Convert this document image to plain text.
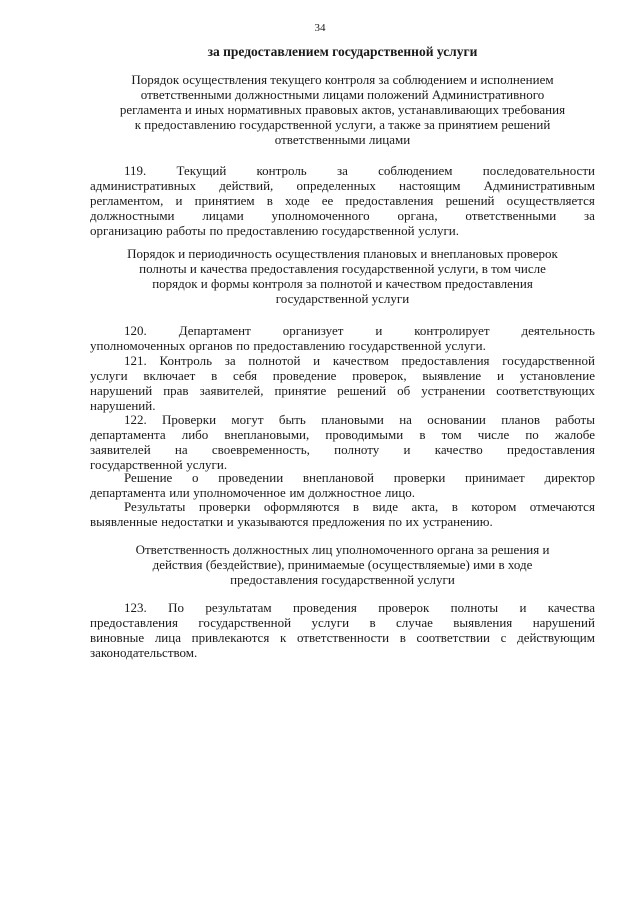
34
за предоставлением государственной услуги
Порядок осуществления текущего контроля за соблюдением и исполнением
ответственными должностными лицами положений Административного
регламента и иных нормативных правовых актов, устанавливающих требования
к предоставлению государственной услуги, а также за принятием решений
ответственными лицами
119. Текущий контроль за соблюдением последовательности
административных действий, определенных настоящим Административным
регламентом, и принятием в ходе ее предоставления решений осуществляется
должностными лицами уполномоченного органа, ответственными за
организацию работы по предоставлению государственной услуги.
Порядок и периодичность осуществления плановых и внеплановых проверок
полноты и качества предоставления государственной услуги, в том числе
порядок и формы контроля за полнотой и качеством предоставления
государственной услуги
120. Департамент организует и контролирует деятельность
уполномоченных органов по предоставлению государственной услуги.
121. Контроль за полнотой и качеством предоставления государственной
услуги включает в себя проведение проверок, выявление и установление
нарушений прав заявителей, принятие решений об устранении соответствующих
нарушений.
122. Проверки могут быть плановыми на основании планов работы
департамента либо внеплановыми, проводимыми в том числе по жалобе
заявителей на своевременность, полноту и качество предоставления
государственной услуги.
Решение о проведении внеплановой проверки принимает директор
департамента или уполномоченное им должностное лицо.
Результаты проверки оформляются в виде акта, в котором отмечаются
выявленные недостатки и указываются предложения по их устранению.
Ответственность должностных лиц уполномоченного органа за решения и
действия (бездействие), принимаемые (осуществляемые) ими в ходе
предоставления государственной услуги
123. По результатам проведения проверок полноты и качества
предоставления государственной услуги в случае выявления нарушений
виновные лица привлекаются к ответственности в соответствии с действующим
законодательством.
